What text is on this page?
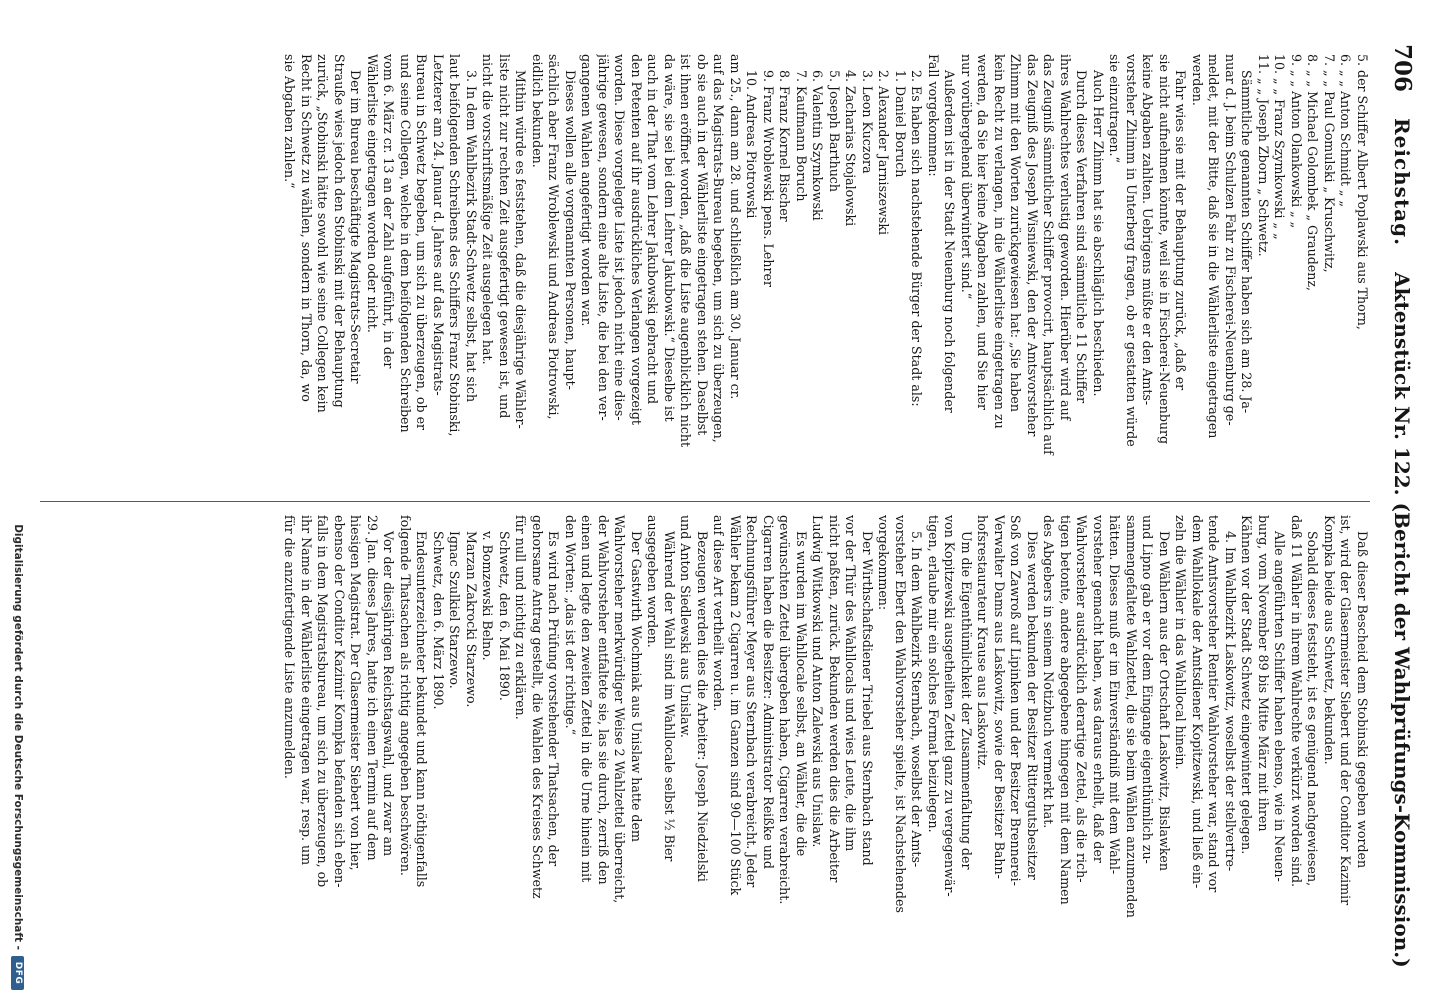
706
Reichstag.
Aktenstück Nr. 122. (Bericht der Wahlprüfungs-Kommission.)
5. der Schiffer Albert Poplawski aus Thorn,
6. „ „ Anton Schmidt „ „
7. „ „ Paul Gomulski „ Kruschwitz,
8. „ „ Michael Golombek „ Graudenz,
9. „ „ Anton Olankowski „ „
10. „ „ Franz Szymkowski „ „
11. „ „ Joseph Zborn „ Schwetz.
Sämmtliche genannten Schiffer haben sich am 28. Ja-
nuar d. J. beim Schulzen Fahr zu Fischerei-Neuenburg ge-
meldet, mit der Bitte, daß sie in die Wählerliste eingetragen
werden.
Fahr wies sie mit der Behauptung zurück, „daß er
sie nicht aufnehmen könnte, weil sie in Fischerei-Neuenburg
keine Abgaben zahlten. Uebrigens müßte er den Amts-
vorsteher Zhimm in Unterberg fragen, ob er gestatten würde
sie einzutragen.“
Auch Herr Zhimm hat sie abschläglich beschieden.
Durch dieses Verfahren sind sämmtliche 11 Schiffer
ihres Wahlrechtes verlustig geworden. Hierüber wird auf
das Zeugniß sämmtlicher Schiffer provocirt, hauptsächlich auf
das Zeugniß des Joseph Wisniewski, den der Amtsvorsteher
Zhimm mit den Worten zurückgewiesen hat: „Sie haben
kein Recht zu verlangen, in die Wählerliste eingetragen zu
werden, da Sie hier keine Abgaben zahlen, und Sie hier
nur vorübergehend überwintert sind.“
Außerdem ist in der Stadt Neuenburg noch folgender
Fall vorgekommen:
2. Es haben sich nachstehende Bürger der Stadt als:
1. Daniel Boruch
2. Alexander Jarniszewski
3. Leon Kuczora
4. Zacharias Stojalowski
5. Joseph Barthuch
6. Valentin Szymkowski
7. Kaufmann Boruch
8. Franz Kornel Bischer
9. Franz Wroblewski pens. Lehrer
10. Andreas Piotrowski
am 25., dann am 28. und schließlich am 30. Januar cr.
auf das Magistrats-Bureau begeben, um sich zu überzeugen,
ob sie auch in der Wählerliste eingetragen stehen. Daselbst
ist ihnen eröffnet worden, „daß die Liste augenblicklich nicht
da wäre, sie sei bei dem Lehrer Jakubowski.“ Dieselbe ist
auch in der That vom Lehrer Jakubowski gebracht und
den Petenten auf ihr ausdrückliches Verlangen vorgezeigt
worden. Diese vorgelegte Liste ist jedoch nicht eine dies-
jährige gewesen, sondern eine alte Liste, die bei den ver-
gangenen Wahlen angefertigt worden war.
Dieses wollen alle vorgenannten Personen, haupt-
sächlich aber Franz Wroblewski und Andreas Piotrowski,
eidlich bekunden.
Mithin würde es feststehen, daß die diesjährige Wähler-
liste nicht zur rechten Zeit ausgefertigt gewesen ist, und
nicht die vorschriftsmäßige Zeit ausgelegen hat.
3. In dem Wahlbezirk Stadt-Schwetz selbst, hat sich
laut beifolgenden Schreibens des Schiffers Franz Stobinski,
Letzterer am 24. Januar d. Jahres auf das Magistrats-
Bureau in Schwetz begeben, um sich zu überzeugen, ob er
und seine Collegen, welche in dem beifolgenden Schreiben
vom 6. März cr. 13 an der Zahl aufgeführt, in der
Wählerliste eingetragen worden oder nicht.
Der im Bureau beschäftigte Magistrats-Secretair
Strauße wies jedoch den Stobinski mit der Behauptung
zurück, „Stobinski hätte sowohl wie seine Collegen kein
Recht in Schwetz zu wählen, sondern in Thorn, da, wo
sie Abgaben zahlen.“
Daß dieser Bescheid dem Stobinski gegeben worden
ist, wird der Glasermeister Siebert und der Conditor Kazimir
Kompka beide aus Schwetz, bekunden.
Sobald dieses feststeht, ist es genügend nachgewiesen,
daß 11 Wähler in ihrem Wahlrechte verkürzt worden sind.
Alle angeführten Schiffer haben ebenso, wie in Neuen-
burg, vom November 89 bis Mitte März mit ihren
Kähnen vor der Stadt Schwetz eingewintert gelegen.
4. Im Wahlbezirk Laskowitz, woselbst der stellvertre-
tende Amtsvorsteher Rentier Wahlvorsteher war, stand vor
dem Wahllokale der Amtsdiener Kopitzewski, und ließ ein-
zeln die Wähler in das Wahllocal hinein.
Den Wählern aus der Ortschaft Laskowitz, Bislawken
und Lipno gab er vor dem Eingange eigenthümlich zu-
sammengefaltete Wahlzettel, die sie beim Wählen anzumenden
hätten. Dieses muß er im Einverständniß mit dem Wahl-
vorsteher gemacht haben, was daraus erhellt, daß der
Wahlvorsteher ausdrücklich derartige Zettel, als die rich-
tigen betonte, andere abgegebene hingegen mit dem Namen
des Abgebers in seinem Notizbuch vermerkt hat.
Dies werden bekunden der Besitzer Rittergutsbesitzer
Soß von Zawroß auf Lipinken und der Besitzer Brennerei-
Verwalter Dams aus Laskowitz, sowie der Besitzer Bahn-
hofsrestaurateur Krause aus Laskowitz.
Um die Eigenthümlichkeit der Zusammenfaltung der
von Kopitzewski ausgetheilten Zettel ganz zu vergegenwär-
tigen, erlaube mir ein solches Format beizulegen.
5. In dem Wahlbezirk Sternbach, woselbst der Amts-
vorsteher Ebert den Wahlvorsteher spielte, ist Nachstehendes
vorgekommen:
Der Wirthschaftsdiener Triebel aus Sternbach stand
vor der Thür des Wahllocals und wies Leute, die ihm
nicht paßten, zurück. Bekunden werden dies die Arbeiter
Ludwig Witkowski und Anton Zalewski aus Unislaw.
Es wurden im Wahllocale selbst, an Wähler, die die
gewünschten Zettel übergeben haben, Cigarren verabreicht.
Cigarren haben die Besitzer: Administrator Reißke und
Rechnungsführer Meyer aus Sternbach verabreicht. Jeder
Wähler bekam 2 Cigarren u. im Ganzen sind 90—100 Stück
auf diese Art vertheilt worden.
Bezeugen werden dies die Arbeiter: Joseph Niedzielski
und Anton Siedlewski aus Unislaw.
Während der Wahl sind im Wahllocale selbst ½ Bier
ausgegeben worden.
Der Gastwirth Wochmiak aus Unislaw hatte dem
Wahlvorsteher merkwürdiger Weise 2 Wahlzettel überreicht,
der Wahlvorsteher entfaltete sie, las sie durch, zerriß den
einen und legte den zweiten Zettel in die Urne hinein mit
den Worten: „das ist der richtige.“
Es wird nach Prüfung vorstehender Thatsachen, der
gehorsame Antrag gestellt, die Wahlen des Kreises Schwetz
für null und nichtig zu erklären.
Schwetz, den 6. Mai 1890.
v. Bomzewski Belno.
Marzan Zakrocki Starzewo.
Ignac Szulkiel Starzewo.
Schwetz, den 6. März 1890.
Endesunterzeichneter bekundet und kann nöthigenfalls
folgende Thatsachen als richtig angegeben beschwören.
Vor der diesjährigen Reichstagswahl, und zwar am
29. Jan. dieses Jahres, hatte ich einen Termin auf dem
hiesigen Magistrat. Der Glasermeister Siebert von hier,
ebenso der Conditor Kazimir Kompka befanden sich eben-
falls in dem Magistratsbureau, um sich zu überzeugen, ob
ihr Name in der Wählerliste eingetragen war, resp. um
für die anzufertigende Liste anzumelden.
Digitalisierung gefördert durch die Deutsche Forschungsgemeinschaft -
DFG
